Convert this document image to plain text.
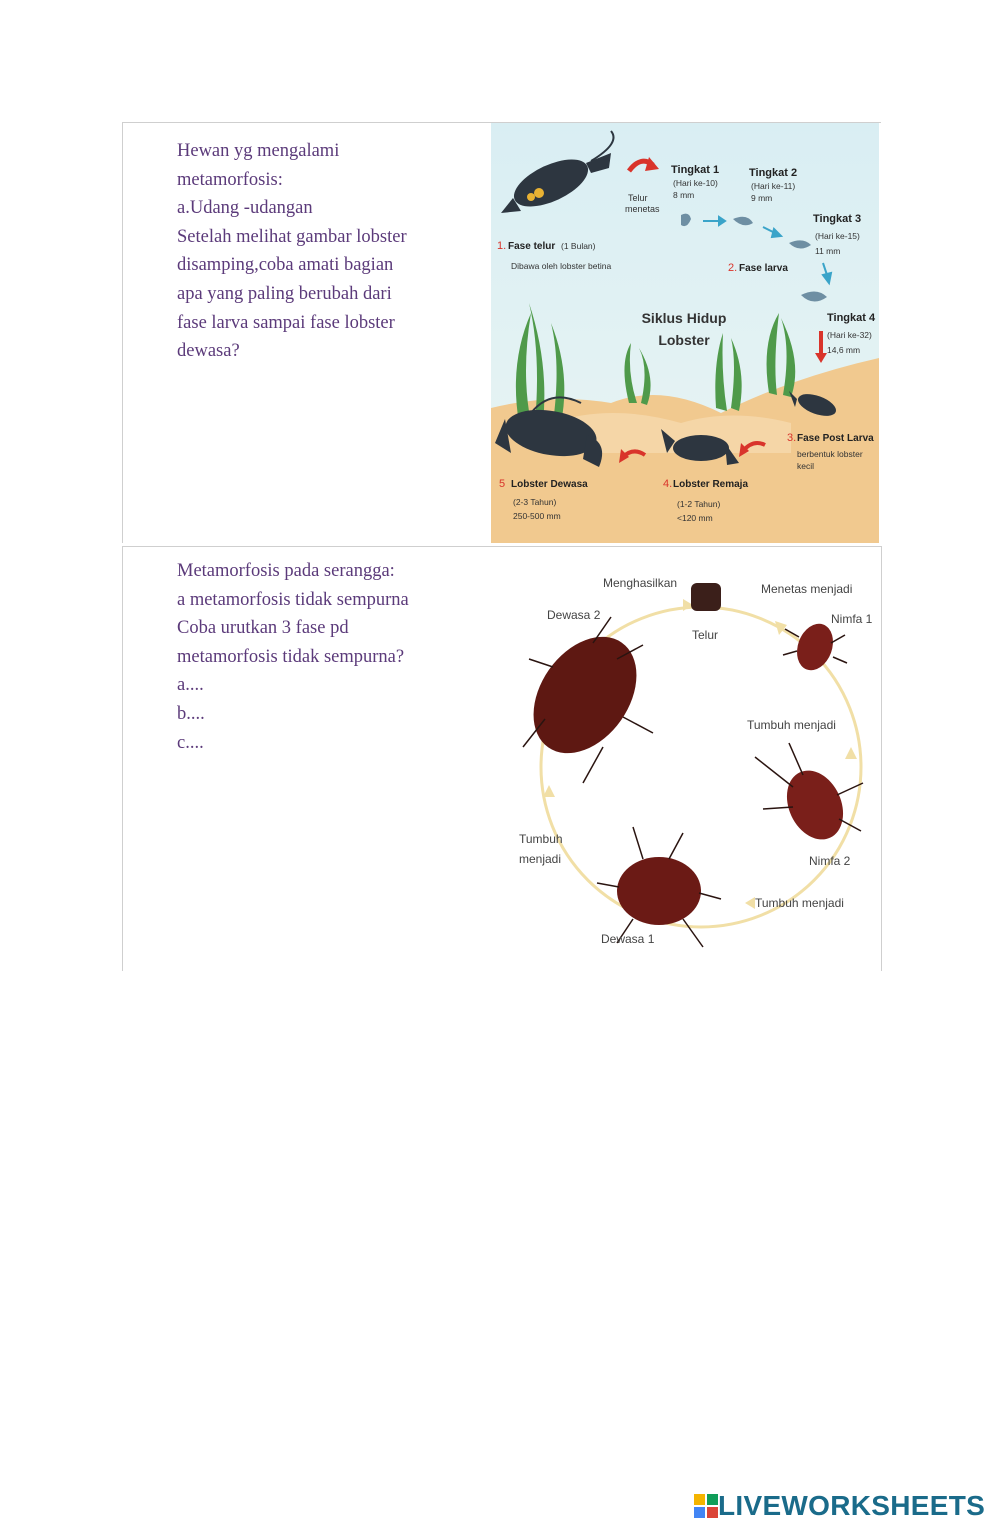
Hewan yg mengalami
metamorfosis:
a.Udang -udangan
Setelah melihat gambar lobster
disamping,coba amati bagian
apa yang paling berubah dari
fase larva sampai fase lobster
dewasa?
Telur
menetas
Tingkat 1
(Hari ke-10)
8 mm
Tingkat 2
(Hari ke-11)
9 mm
Tingkat 3
(Hari ke-15)
11 mm
Tingkat 4
(Hari ke-32)
14,6 mm
1. Fase telur (1 Bulan)
Dibawa oleh lobster betina	2. Fase larva
Siklus Hidup
Lobster
3. Fase Post Larva
berbentuk lobster
kecil
4. Lobster Remaja
(1-2 Tahun)
<120 mm
5 Lobster Dewasa
(2-3 Tahun)
250-500 mm
Metamorfosis pada serangga:
a metamorfosis tidak sempurna
Coba urutkan 3 fase pd
metamorfosis tidak sempurna?
a....
b....
c....
Telur
Menghasilkan	Menetas menjadi
Nimfa 1
Tumbuh menjadi
Nimfa 2
Tumbuh menjadi
Dewasa 1
Tumbuh
menjadi
Dewasa 2
LIVEWORKSHEETS
